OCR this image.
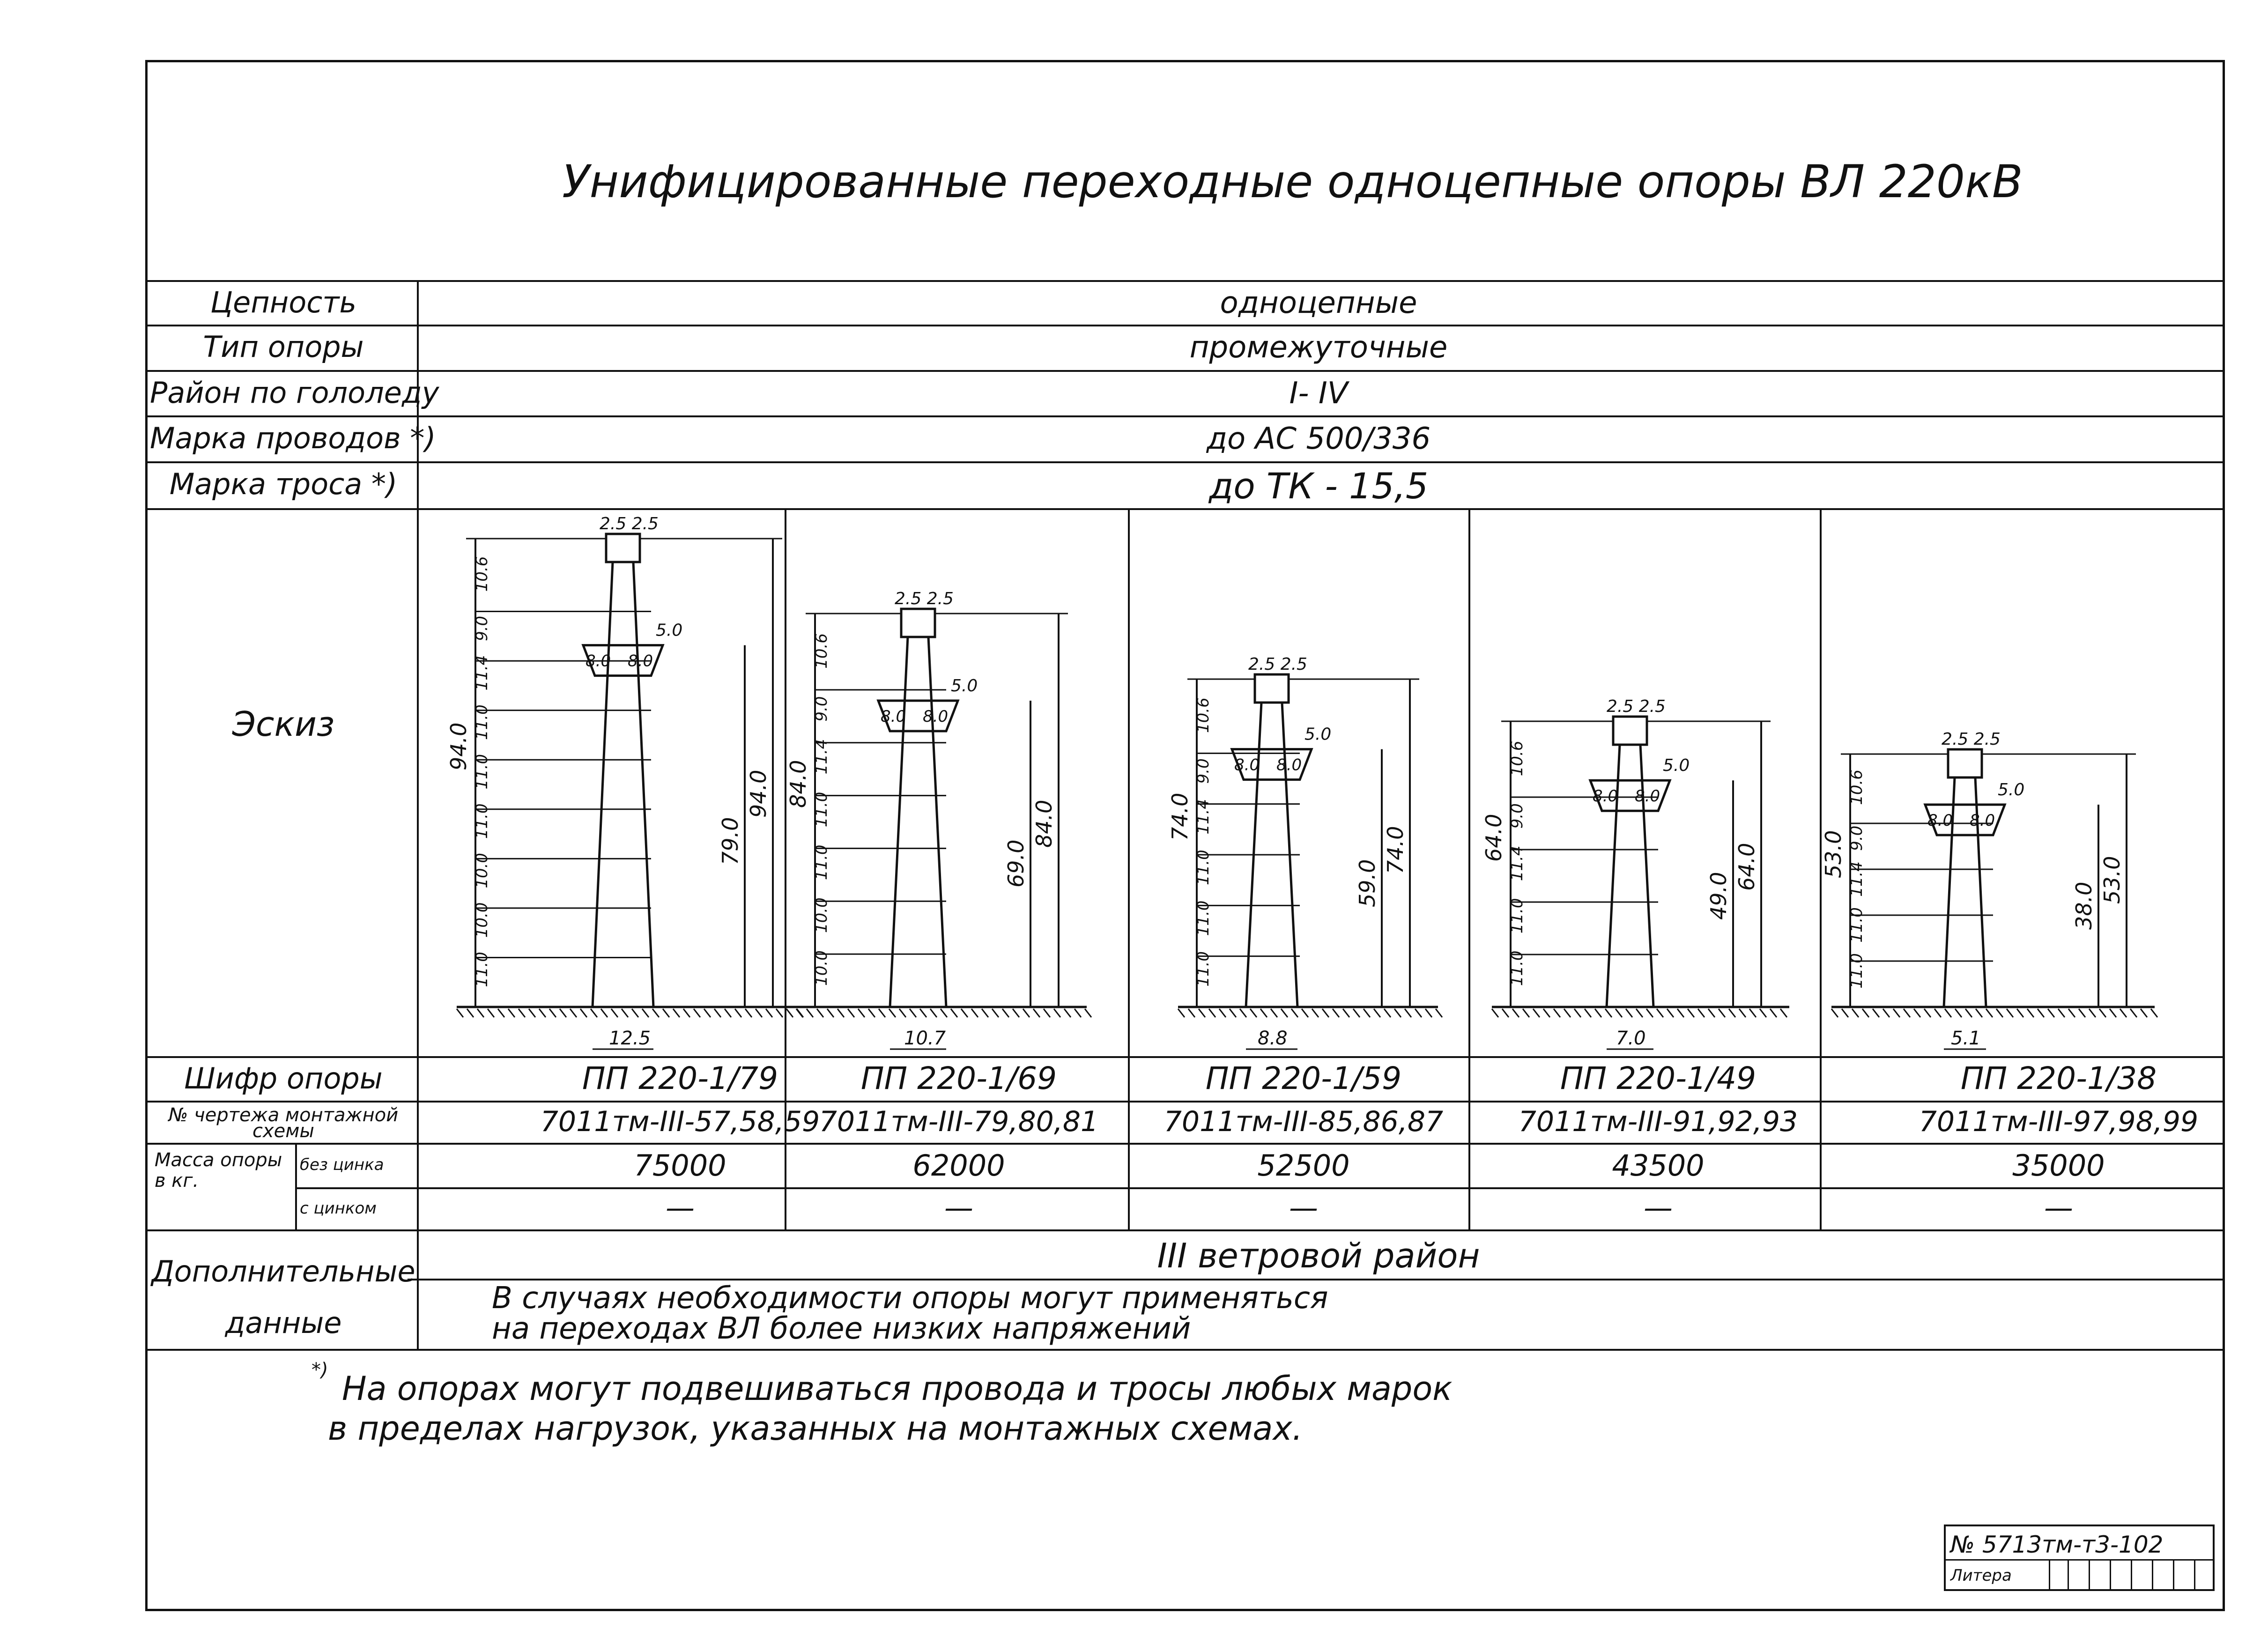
Унифицированные переходные одноцепные опоры ВЛ 220кВ
Цепность
Тип опоры
Район по гололеду
Марка проводов *)
Марка троса *)
Эскиз
Шифр опоры
№ чертежа монтажной схемы
Масса опоры в кг.
без цинка
с цинком
Дополнительные данные
одноцепные
промежуточные
I- IV
до АС 500/336
до ТК - 15,5
ПП 220-1/79
7011тм-III-57,58,59
75000
—
ПП 220-1/69
7011тм-III-79,80,81
62000
—
ПП 220-1/59
7011тм-III-85,86,87
52500
—
ПП 220-1/49
7011тм-III-91,92,93
43500
—
ПП 220-1/38
7011тм-III-97,98,99
35000
—
III ветровой район
В случаях необходимости опоры могут применяться
на переходах ВЛ более низких напряжений
*) На опорах могут подвешиваться провода и тросы любых марок
в пределах нагрузок, указанных на монтажных схемах.
№ 5713тм-т3-102
Литера
94.0
79.0
94.0
2.5 2.5
8.0 8.0
5.0
12.5
10.6
9.0
11.4
11.0
11.0
11.0
10.0
10.0
11.0
84.0
69.0
84.0
2.5 2.5
8.0 8.0
5.0
10.7
10.6
9.0
11.4
11.0
11.0
10.0
10.0
74.0
59.0
74.0
2.5 2.5
8.0 8.0
5.0
8.8
10.6
9.0
11.4
11.0
11.0
11.0
64.0
49.0
64.0
2.5 2.5
8.0 8.0
5.0
7.0
10.6
9.0
11.4
11.0
11.0
53.0
38.0
53.0
2.5 2.5
8.0 8.0
5.0
5.1
10.6
9.0
11.4
11.0
11.0
